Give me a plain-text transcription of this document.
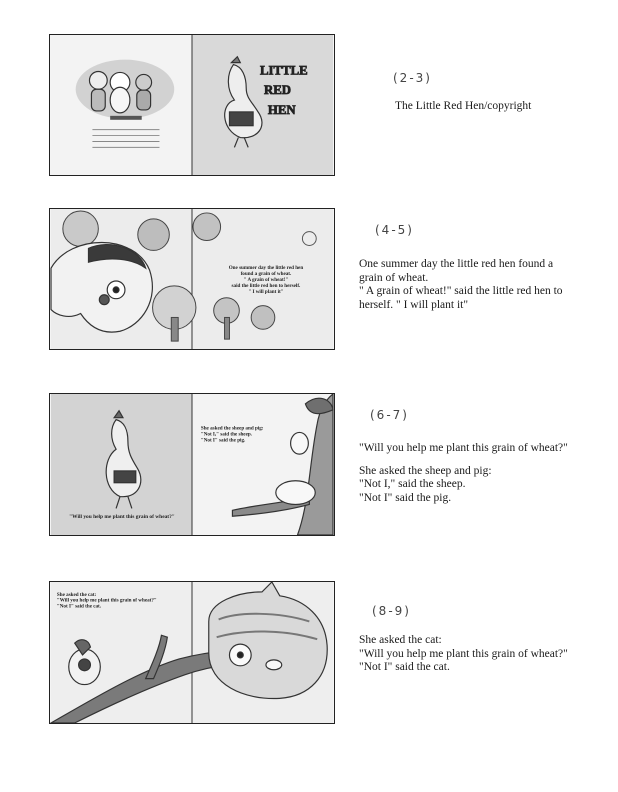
LITTLE
RED
HEN
(2-3)

The Little Red Hen/copyright

One summer day the little red hen
found a grain of wheat.
" A grain of wheat!"
said the little red hen to herself.
" I will plant it"
(4-5)

One summer day the little red hen found a

grain of wheat.

" A grain of wheat!" said the little red hen to

herself. " I will plant it"

"Will you help me plant this grain of wheat?"
She asked the sheep and pig:
"Not I," said the sheep.
"Not I" said the pig.
(6-7)

"Will you help me plant this grain of wheat?"

She asked the sheep and pig:

"Not I," said the sheep.

"Not I" said the pig.

She asked the cat:
"Will you help me plant this grain of wheat?"
"Not I" said the cat.	(8-9)

She asked the cat:

"Will you help me plant this grain of wheat?"

"Not I" said the cat.
